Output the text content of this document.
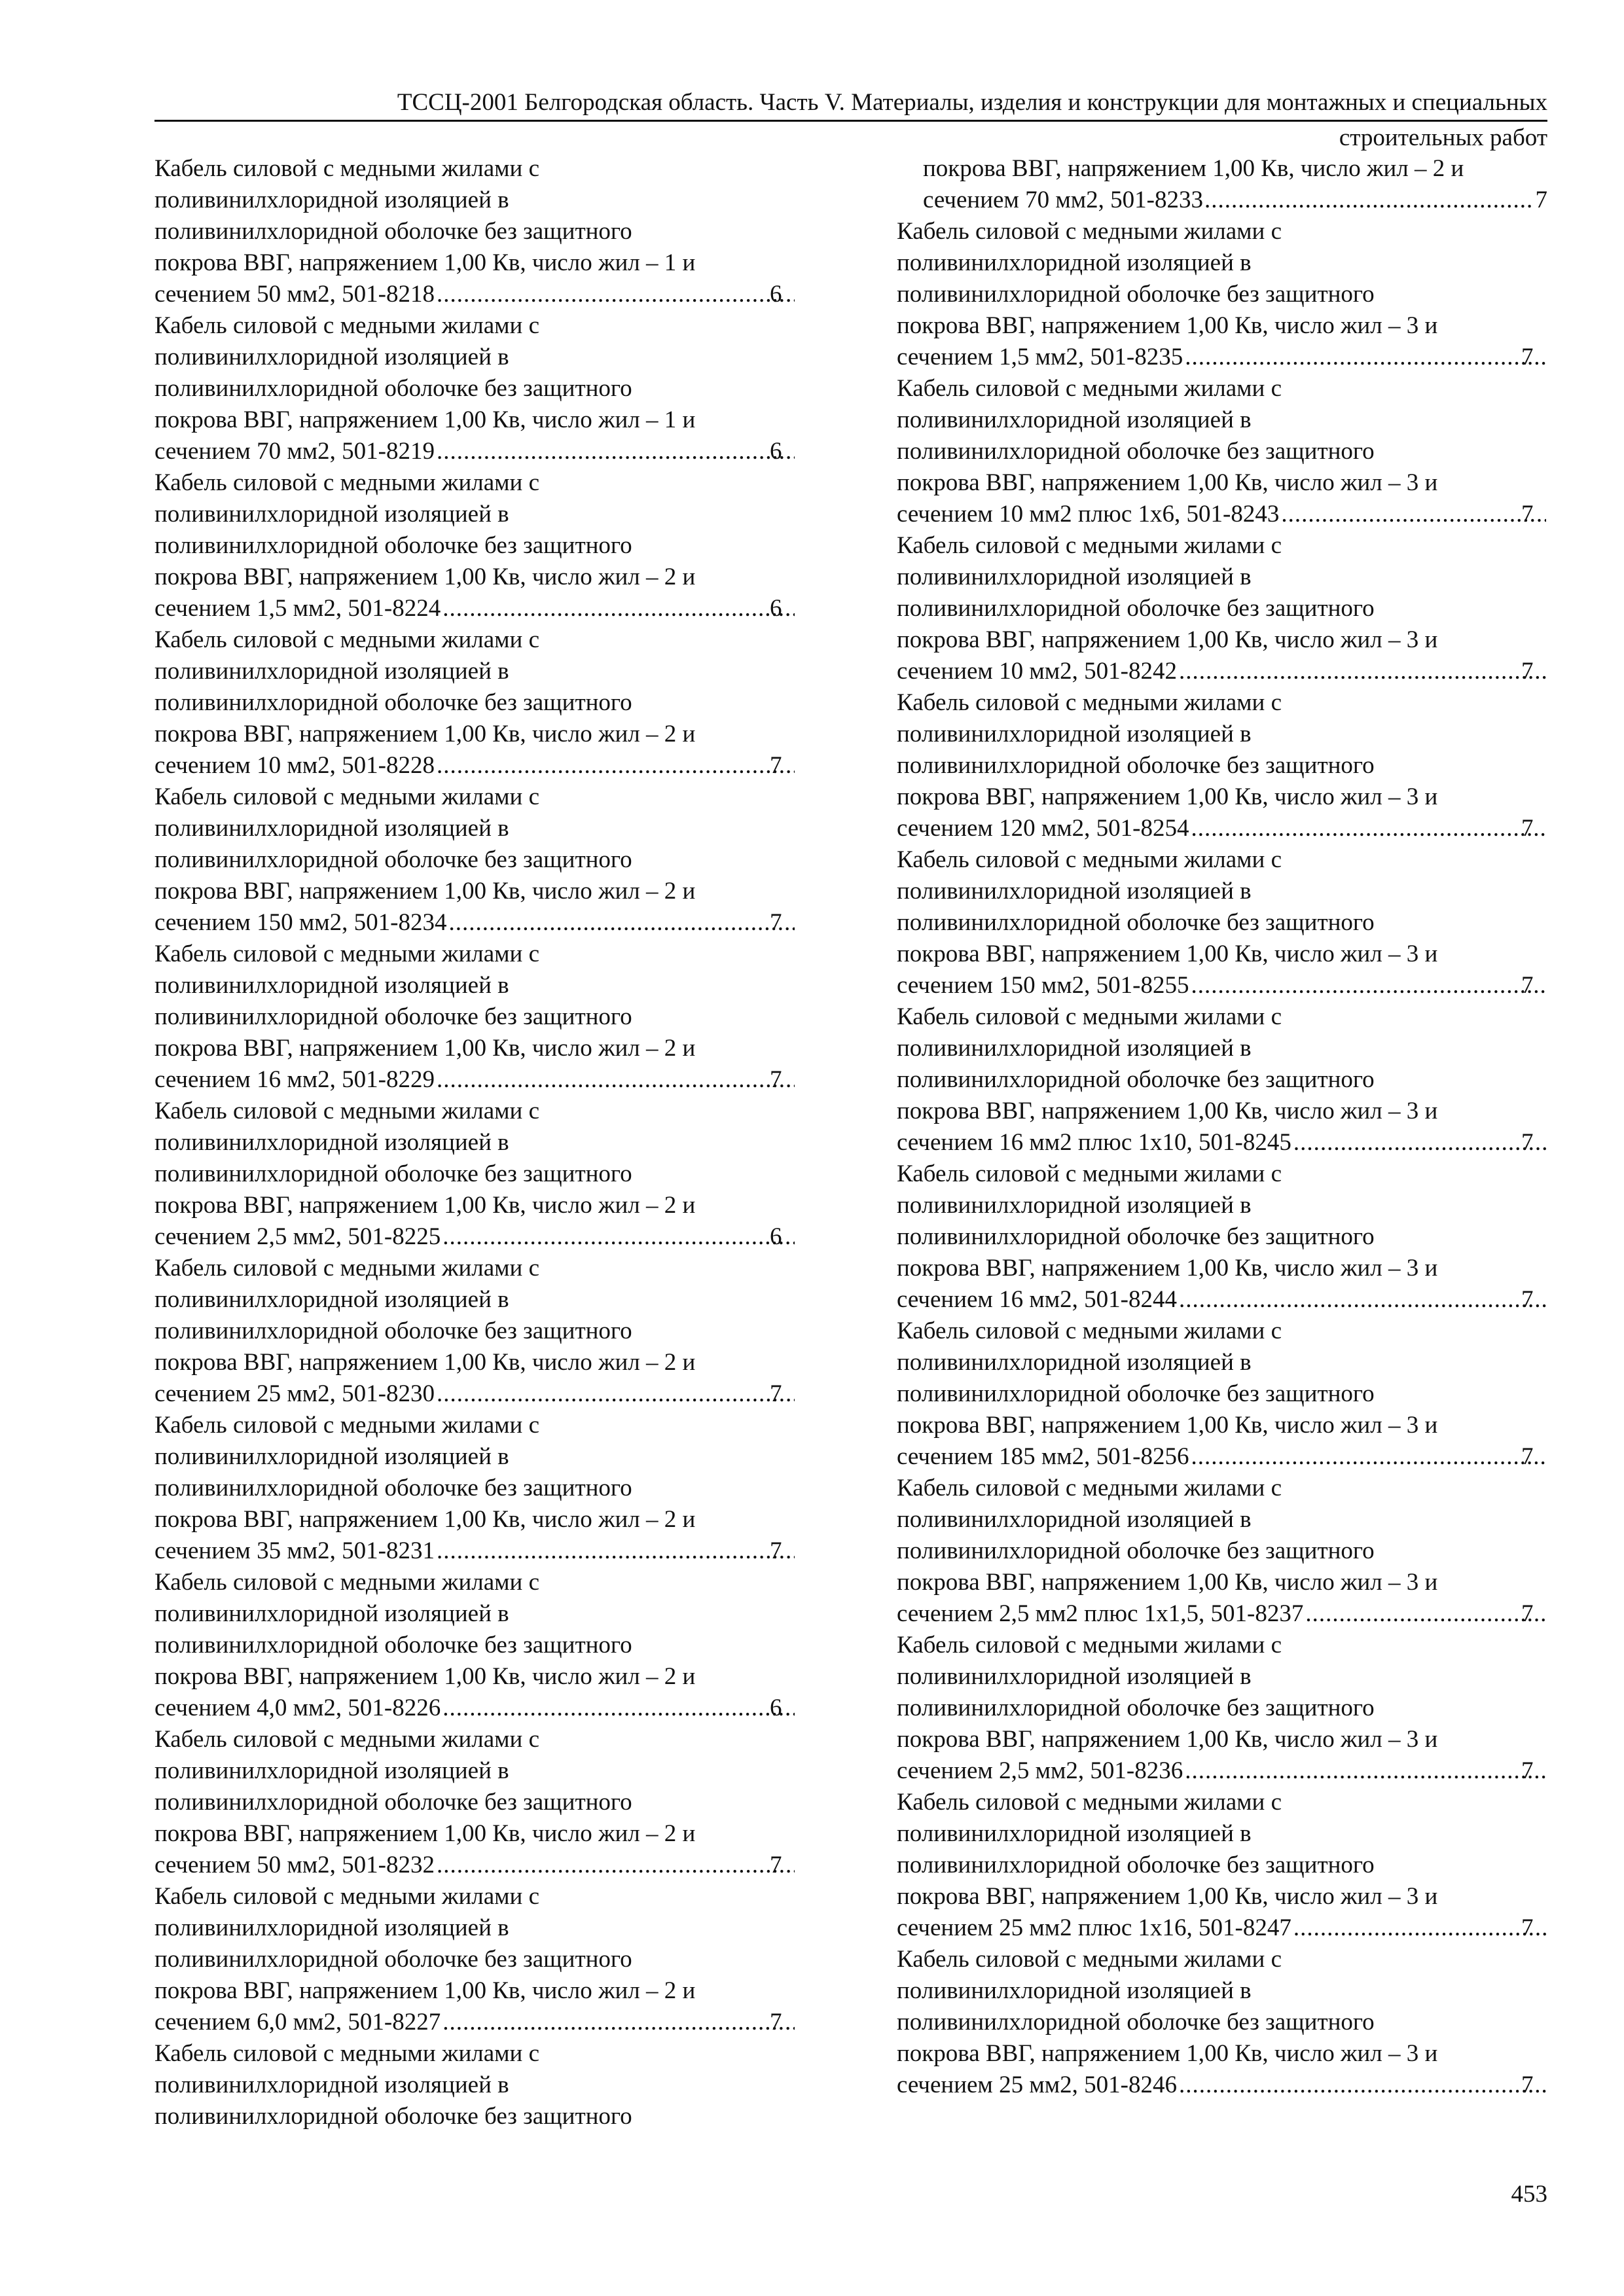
ТССЦ-2001 Белгородская область. Часть V. Материалы, изделия и конструкции для монтажных и специальных
строительных работ
Кабель силовой с медными жилами с
поливинилхлоридной изоляцией в
поливинилхлоридной оболочке без защитного
покрова ВВГ, напряжением 1,00 Кв, число жил – 1 и
сечением 50 мм2, 501-8218 .....	6
Кабель силовой с медными жилами с
поливинилхлоридной изоляцией в
поливинилхлоридной оболочке без защитного
покрова ВВГ, напряжением 1,00 Кв, число жил – 1 и
сечением 70 мм2, 501-8219 .....	6
Кабель силовой с медными жилами с
поливинилхлоридной изоляцией в
поливинилхлоридной оболочке без защитного
покрова ВВГ, напряжением 1,00 Кв, число жил – 2 и
сечением 1,5 мм2, 501-8224 .....	6
Кабель силовой с медными жилами с
поливинилхлоридной изоляцией в
поливинилхлоридной оболочке без защитного
покрова ВВГ, напряжением 1,00 Кв, число жил – 2 и
сечением 10 мм2, 501-8228 .....	7
Кабель силовой с медными жилами с
поливинилхлоридной изоляцией в
поливинилхлоридной оболочке без защитного
покрова ВВГ, напряжением 1,00 Кв, число жил – 2 и
сечением 150 мм2, 501-8234 .....	7
Кабель силовой с медными жилами с
поливинилхлоридной изоляцией в
поливинилхлоридной оболочке без защитного
покрова ВВГ, напряжением 1,00 Кв, число жил – 2 и
сечением 16 мм2, 501-8229 .....	7
Кабель силовой с медными жилами с
поливинилхлоридной изоляцией в
поливинилхлоридной оболочке без защитного
покрова ВВГ, напряжением 1,00 Кв, число жил – 2 и
сечением 2,5 мм2, 501-8225 .....	6
Кабель силовой с медными жилами с
поливинилхлоридной изоляцией в
поливинилхлоридной оболочке без защитного
покрова ВВГ, напряжением 1,00 Кв, число жил – 2 и
сечением 25 мм2, 501-8230 .....	7
Кабель силовой с медными жилами с
поливинилхлоридной изоляцией в
поливинилхлоридной оболочке без защитного
покрова ВВГ, напряжением 1,00 Кв, число жил – 2 и
сечением 35 мм2, 501-8231 .....	7
Кабель силовой с медными жилами с
поливинилхлоридной изоляцией в
поливинилхлоридной оболочке без защитного
покрова ВВГ, напряжением 1,00 Кв, число жил – 2 и
сечением 4,0 мм2, 501-8226 .....	6
Кабель силовой с медными жилами с
поливинилхлоридной изоляцией в
поливинилхлоридной оболочке без защитного
покрова ВВГ, напряжением 1,00 Кв, число жил – 2 и
сечением 50 мм2, 501-8232 .....	7
Кабель силовой с медными жилами с
поливинилхлоридной изоляцией в
поливинилхлоридной оболочке без защитного
покрова ВВГ, напряжением 1,00 Кв, число жил – 2 и
сечением 6,0 мм2, 501-8227 .....	7
Кабель силовой с медными жилами с
поливинилхлоридной изоляцией в
поливинилхлоридной оболочке без защитного
покрова ВВГ, напряжением 1,00 Кв, число жил – 2 и
сечением 70 мм2, 501-8233 .....	7
Кабель силовой с медными жилами с
поливинилхлоридной изоляцией в
поливинилхлоридной оболочке без защитного
покрова ВВГ, напряжением 1,00 Кв, число жил – 3 и
сечением 1,5 мм2, 501-8235 .....	7
Кабель силовой с медными жилами с
поливинилхлоридной изоляцией в
поливинилхлоридной оболочке без защитного
покрова ВВГ, напряжением 1,00 Кв, число жил – 3 и
сечением 10 мм2 плюс 1х6, 501-8243 .....	7
Кабель силовой с медными жилами с
поливинилхлоридной изоляцией в
поливинилхлоридной оболочке без защитного
покрова ВВГ, напряжением 1,00 Кв, число жил – 3 и
сечением 10 мм2, 501-8242 .....	7
Кабель силовой с медными жилами с
поливинилхлоридной изоляцией в
поливинилхлоридной оболочке без защитного
покрова ВВГ, напряжением 1,00 Кв, число жил – 3 и
сечением 120 мм2, 501-8254 .....	7
Кабель силовой с медными жилами с
поливинилхлоридной изоляцией в
поливинилхлоридной оболочке без защитного
покрова ВВГ, напряжением 1,00 Кв, число жил – 3 и
сечением 150 мм2, 501-8255 .....	7
Кабель силовой с медными жилами с
поливинилхлоридной изоляцией в
поливинилхлоридной оболочке без защитного
покрова ВВГ, напряжением 1,00 Кв, число жил – 3 и
сечением 16 мм2 плюс 1х10, 501-8245 .....	7
Кабель силовой с медными жилами с
поливинилхлоридной изоляцией в
поливинилхлоридной оболочке без защитного
покрова ВВГ, напряжением 1,00 Кв, число жил – 3 и
сечением 16 мм2, 501-8244 .....	7
Кабель силовой с медными жилами с
поливинилхлоридной изоляцией в
поливинилхлоридной оболочке без защитного
покрова ВВГ, напряжением 1,00 Кв, число жил – 3 и
сечением 185 мм2, 501-8256 .....	7
Кабель силовой с медными жилами с
поливинилхлоридной изоляцией в
поливинилхлоридной оболочке без защитного
покрова ВВГ, напряжением 1,00 Кв, число жил – 3 и
сечением 2,5 мм2 плюс 1х1,5, 501-8237 .....	7
Кабель силовой с медными жилами с
поливинилхлоридной изоляцией в
поливинилхлоридной оболочке без защитного
покрова ВВГ, напряжением 1,00 Кв, число жил – 3 и
сечением 2,5 мм2, 501-8236 .....	7
Кабель силовой с медными жилами с
поливинилхлоридной изоляцией в
поливинилхлоридной оболочке без защитного
покрова ВВГ, напряжением 1,00 Кв, число жил – 3 и
сечением 25 мм2 плюс 1х16, 501-8247 .....	7
Кабель силовой с медными жилами с
поливинилхлоридной изоляцией в
поливинилхлоридной оболочке без защитного
покрова ВВГ, напряжением 1,00 Кв, число жил – 3 и
сечением 25 мм2, 501-8246 .....	7
453
